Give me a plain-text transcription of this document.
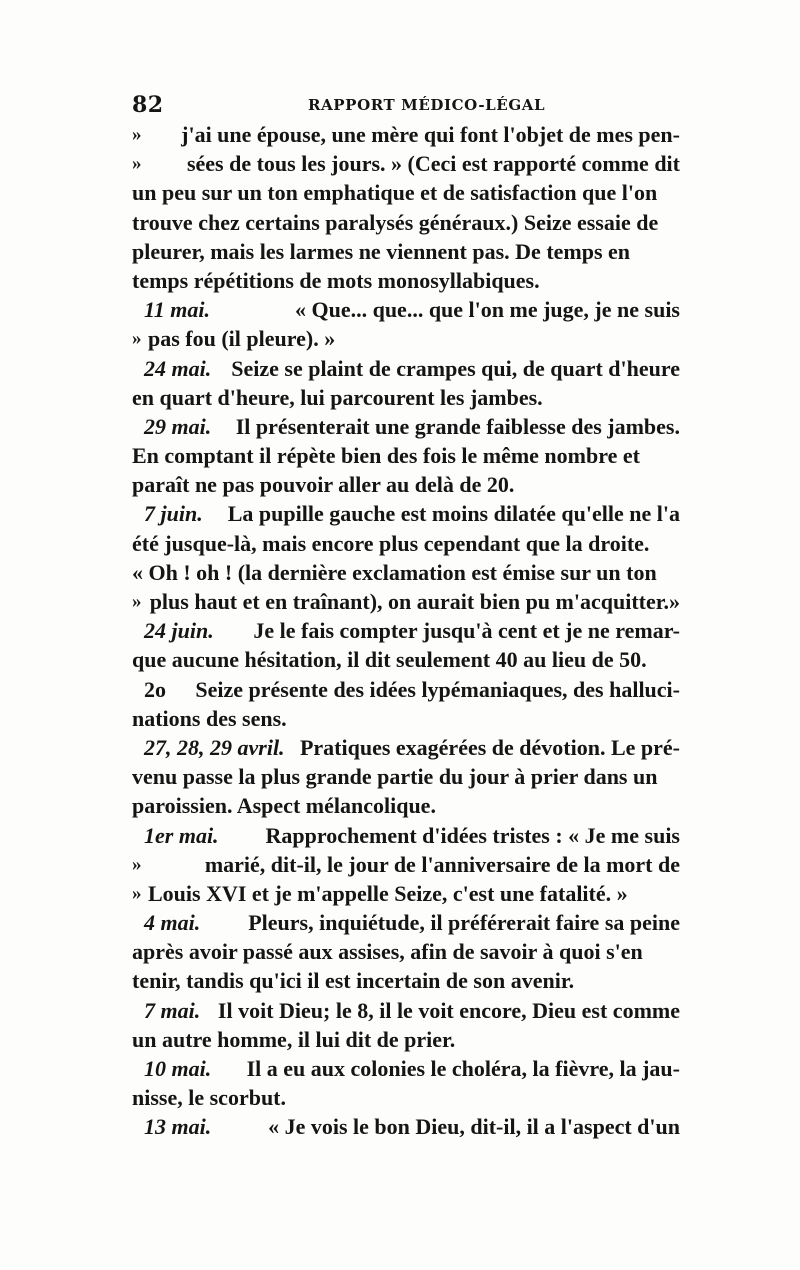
82	RAPPORT MÉDICO-LÉGAL
» j'ai une épouse, une mère qui font l'objet de mes pen-
» sées de tous les jours. » (Ceci est rapporté comme dit
un peu sur un ton emphatique et de satisfaction que l'on
trouve chez certains paralysés généraux.) Seize essaie de
pleurer, mais les larmes ne viennent pas. De temps en
temps répétitions de mots monosyllabiques.
11 mai.	« Que... que... que l'on me juge, je ne suis
» pas fou (il pleure). »
24 mai. Seize se plaint de crampes qui, de quart d'heure
en quart d'heure, lui parcourent les jambes.
29 mai. Il présenterait une grande faiblesse des jambes.
En comptant il répète bien des fois le même nombre et
paraît ne pas pouvoir aller au delà de 20.
7 juin. La pupille gauche est moins dilatée qu'elle ne l'a
été jusque-là, mais encore plus cependant que la droite.
« Oh ! oh ! (la dernière exclamation est émise sur un ton
» plus haut et en traînant), on aurait bien pu m'acquitter.»
24 juin. Je le fais compter jusqu'à cent et je ne remar-
que aucune hésitation, il dit seulement 40 au lieu de 50.
2o Seize présente des idées lypémaniaques, des halluci-
nations des sens.
27, 28, 29 avril. Pratiques exagérées de dévotion. Le pré-
venu passe la plus grande partie du jour à prier dans un
paroissien. Aspect mélancolique.
1er mai. Rapprochement d'idées tristes : « Je me suis
»	marié, dit-il, le jour de l'anniversaire de la mort de
» Louis XVI et je m'appelle Seize, c'est une fatalité. »
4 mai. Pleurs, inquiétude, il préférerait faire sa peine
après avoir passé aux assises, afin de savoir à quoi s'en
tenir, tandis qu'ici il est incertain de son avenir.
7 mai. Il voit Dieu; le 8, il le voit encore, Dieu est comme
un autre homme, il lui dit de prier.
10 mai. Il a eu aux colonies le choléra, la fièvre, la jau-
nisse, le scorbut.
13 mai. « Je vois le bon Dieu, dit-il, il a l'aspect d'un
